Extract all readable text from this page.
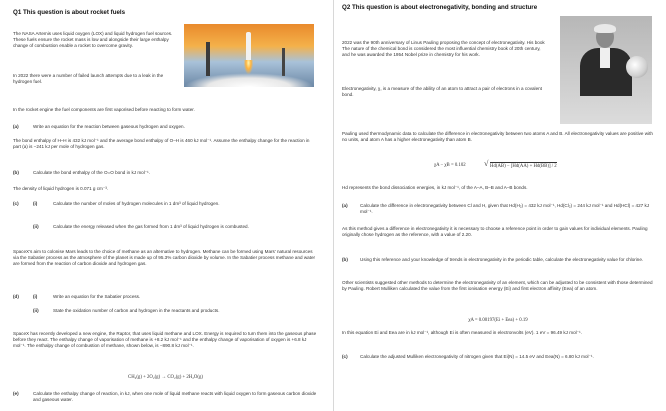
Q1 This question is about rocket fuels
The NASA Artemis uses liquid oxygen (LOX) and liquid hydrogen fuel sources. These fuels ensure the rocket mass is low and alongside their large enthalpy change of combustion enable a rocket to overcome gravity.
In 2022 there were a number of failed launch attempts due to a leak in the hydrogen fuel.
In the rocket engine the fuel components are first vaporised before reacting to form water.
(a)	Write an equation for the reaction between gaseous hydrogen and oxygen.
The bond enthalpy of H–H is 432 kJ mol⁻¹ and the average bond enthalpy of O–H is 460 kJ mol⁻¹. Assume the enthalpy change for the reaction in part (a) is −241 kJ per mole of hydrogen gas.
(b)	Calculate the bond enthalpy of the O=O bond in kJ mol⁻¹.
The density of liquid hydrogen is 0.071 g cm⁻³.
(c)	(i)	Calculate the number of moles of hydrogen molecules in 1 dm³ of liquid hydrogen.
(ii)	Calculate the energy released when the gas formed from 1 dm³ of liquid hydrogen is combusted.
SpaceX's aim to colonise Mars leads to the choice of methane as an alternative to hydrogen. Methane can be formed using Mars' natural resources via the Sabatier process as the atmosphere of the planet is made up of 95.3% carbon dioxide by volume. In the Sabatier process methane and water are formed from the reaction of carbon dioxide and hydrogen gas.
(d)	(i)	Write an equation for the Sabatier process.
(ii)	State the oxidation number of carbon and hydrogen in the reactants and products.
SpaceX has recently developed a new engine, the Raptor, that uses liquid methane and LOX. Energy is required to turn them into the gaseous phase before they react. The enthalpy change of vaporisation of methane is +8.2 kJ mol⁻¹ and the enthalpy change of vaporisation of oxygen is +6.8 kJ mol⁻¹. The enthalpy change of combustion of methane, shown below, is −890.8 kJ mol⁻¹.
CH₄(g) + 2O₂(g) → CO₂(g) + 2H₂O(g)
(e)	Calculate the enthalpy change of reaction, in kJ, when one mole of liquid methane reacts with liquid oxygen to form gaseous carbon dioxide and gaseous water.
Q2 This question is about electronegativity, bonding and structure
2022 was the 90th anniversary of Linus Pauling proposing the concept of electronegativity. His book The nature of the chemical bond is considered the most influential chemistry book of 20th century, and he was awarded the 1954 Nobel prize in chemistry for his work.
Electronegativity, χ, is a measure of the ability of an atom to attract a pair of electrons in a covalent bond.
Pauling used thermodynamic data to calculate the difference in electronegativity between two atoms A and B. All electronegativity values are positive with no units, and atom A has a higher electronegativity than atom B.
χA − χB = 0.102 √ Hd(AB) − [Hd(AA) + Hd(BB)] / 2
Hd represents the bond dissociation energies, in kJ mol⁻¹, of the A–A, B–B and A–B bonds.
(a)	Calculate the difference in electronegativity between Cl and H, given that Hd(H₂) = 432 kJ mol⁻¹, Hd(Cl₂) = 244 kJ mol⁻¹ and Hd(HCl) = 427 kJ mol⁻¹.
As this method gives a difference in electronegativity it is necessary to choose a reference point in order to gain values for individual elements. Pauling originally chose hydrogen as the reference, with a value of 2.20.
(b)	Using this reference and your knowledge of trends in electronegativity in the periodic table, calculate the electronegativity value for chlorine.
Other scientists suggested other methods to determine the electronegativity of an element, which can be adjusted to be consistent with those determined by Pauling. Robert Mulliken calculated the value from the first ionisation energy (Ei) and first electron affinity (Eea) of an atom.
χA = 0.00197(Ei + Eea) + 0.19
In this equation Ei and Eea are in kJ mol⁻¹, although Ei is often measured in electronvolts (eV). 1 eV = 96.49 kJ mol⁻¹.
(c)	Calculate the adjusted Mulliken electronegativity of nitrogen given that Ei(N) = 14.5 eV and Eea(N) = 6.80 kJ mol⁻¹.
